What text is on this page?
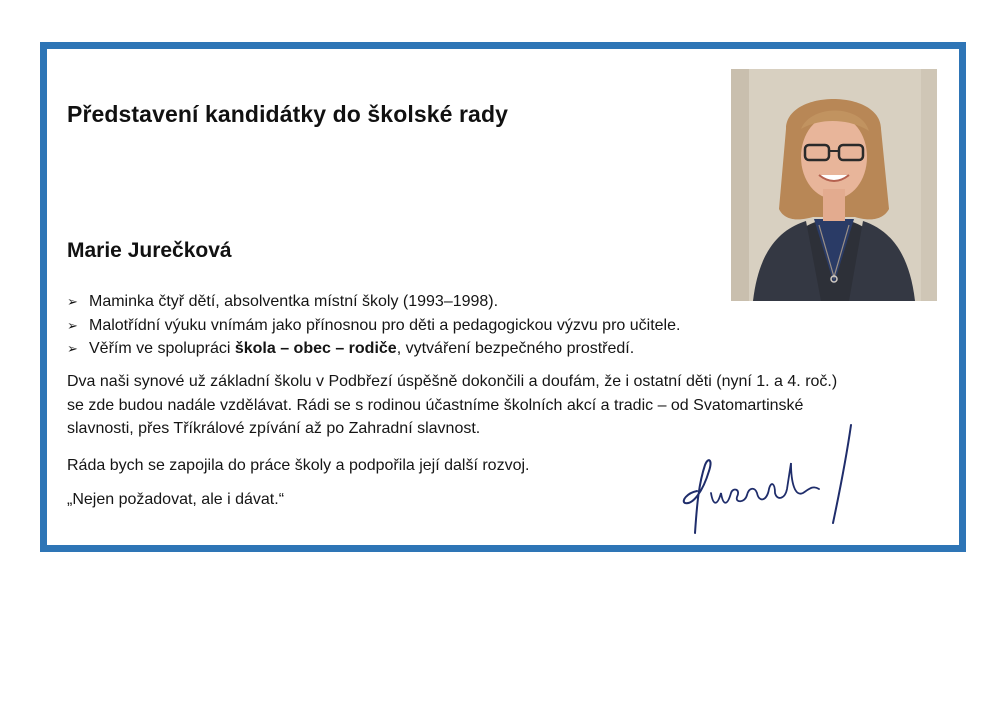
Představení kandidátky do školské rady
Marie Jurečková
➢ Maminka čtyř dětí, absolventka místní školy (1993–1998).
➢ Malotřídní výuku vnímám jako přínosnou pro děti a pedagogickou výzvu pro učitele.
➢ Věřím ve spolupráci škola – obec – rodiče, vytváření bezpečného prostředí.

Dva naši synové už základní školu v Podbřezí úspěšně dokončili a doufám, že i ostatní děti (nyní 1. a 4. roč.) se zde budou nadále vzdělávat. Rádi se s rodinou účastníme školních akcí a tradic – od Svatomartinské slavnosti, přes Tříkrálové zpívání až po Zahradní slavnost.

Ráda bych se zapojila do práce školy a podpořila její další rozvoj.

„Nejen požadovat, ale i dávat.“
